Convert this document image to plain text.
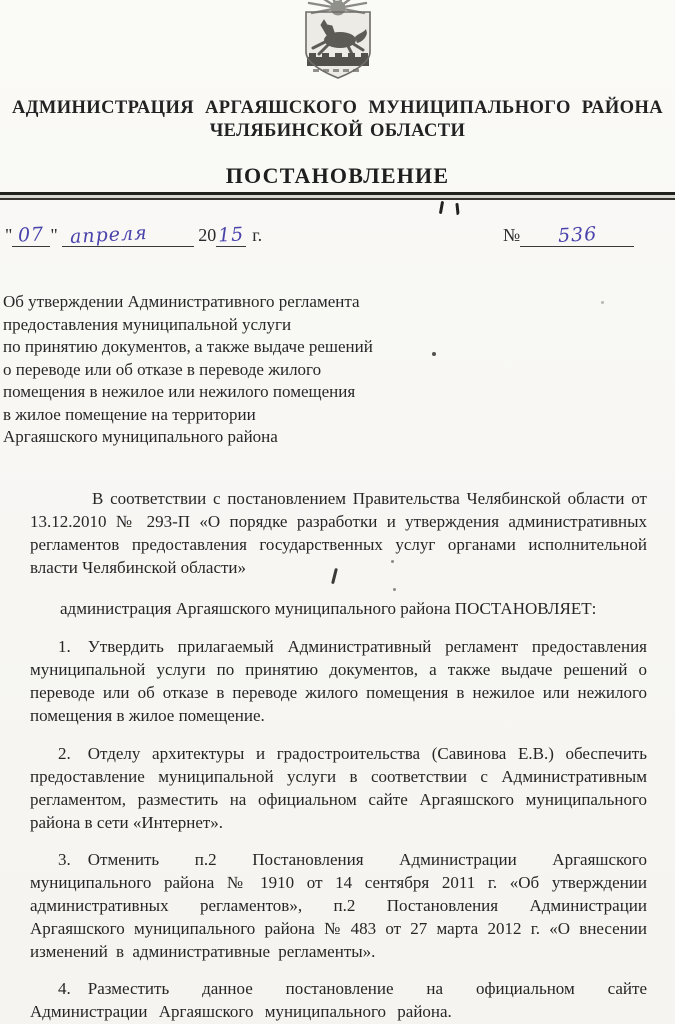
АДМИНИСТРАЦИЯ АРГАЯШСКОГО МУНИЦИПАЛЬНОГО РАЙОНА
ЧЕЛЯБИНСКОЙ ОБЛАСТИ
ПОСТАНОВЛЕНИЕ
" 07 " апреля	2015 г.	№ 536
Об утверждении Административного регламента
предоставления муниципальной услуги
по принятию документов, а также выдаче решений
о переводе или об отказе в переводе жилого
помещения в нежилое или нежилого помещения
в жилое помещение на территории
Аргаяшского муниципального района

В соответствии с постановлением Правительства Челябинской области от 13.12.2010 № 293-П «О порядке разработки и утверждения административных регламентов предоставления государственных услуг органами исполнительной власти Челябинской области»

администрация Аргаяшского муниципального района ПОСТАНОВЛЯЕТ:

1. Утвердить прилагаемый Административный регламент предоставления муниципальной услуги по принятию документов, а также выдаче решений о переводе или об отказе в переводе жилого помещения в нежилое или нежилого помещения в жилое помещение.

2. Отделу архитектуры и градостроительства (Савинова Е.В.) обеспечить предоставление муниципальной услуги в соответствии с Административным регламентом, разместить на официальном сайте Аргаяшского муниципального района в сети «Интернет».

3. Отменить п.2 Постановления Администрации Аргаяшского муниципального района № 1910 от 14 сентября 2011 г. «Об утверждении административных регламентов», п.2 Постановления Администрации Аргаяшского муниципального района № 483 от 27 марта 2012 г. «О внесении изменений в административные регламенты».

4. Разместить данное постановление на официальном сайте Администрации Аргаяшского муниципального района.
